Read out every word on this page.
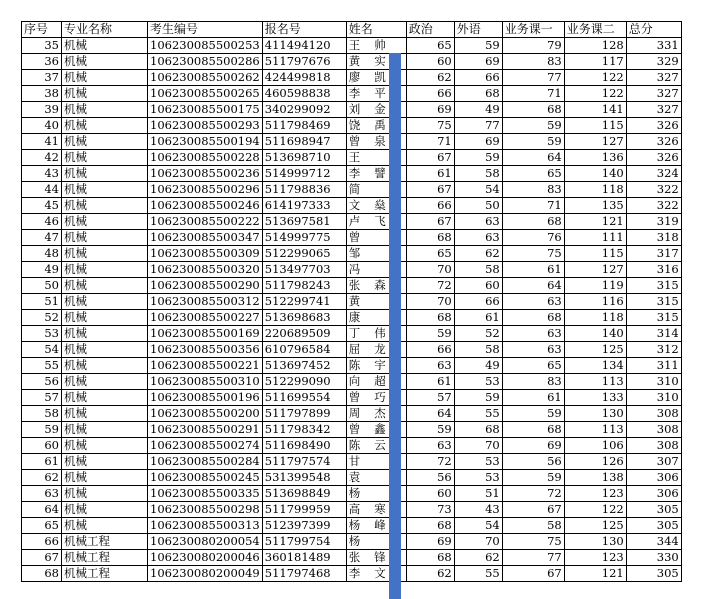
序号	专业名称	考生编号	报名号	姓名	政治	外语	业务课一	业务课二	总分
35	机械	106230085500253	411494120	王 帅	65	59	79	128	331
36	机械	106230085500286	511797676	黄 实	60	69	83	117	329
37	机械	106230085500262	424499818	廖 凯	62	66	77	122	327
38	机械	106230085500265	460598838	李 平	66	68	71	122	327
39	机械	106230085500175	340299092	刘 金	69	49	68	141	327
40	机械	106230085500293	511798469	饶 禹	75	77	59	115	326
41	机械	106230085500194	511698947	曾 泉	71	69	59	127	326
42	机械	106230085500228	513698710	王	67	59	64	136	326
43	机械	106230085500236	514999712	李 譬	61	58	65	140	324
44	机械	106230085500296	511798836	简	67	54	83	118	322
45	机械	106230085500246	614197333	文 燊	66	50	71	135	322
46	机械	106230085500222	513697581	卢 飞	67	63	68	121	319
47	机械	106230085500347	514999775	曾	68	63	76	111	318
48	机械	106230085500309	512299065	邹	65	62	75	115	317
49	机械	106230085500320	513497703	冯	70	58	61	127	316
50	机械	106230085500290	511798243	张 森	72	60	64	119	315
51	机械	106230085500312	512299741	黄	70	66	63	116	315
52	机械	106230085500227	513698683	康	68	61	68	118	315
53	机械	106230085500169	220689509	丁 伟	59	52	63	140	314
54	机械	106230085500356	610796584	屈 龙	66	58	63	125	312
55	机械	106230085500221	513697452	陈 宇	63	49	65	134	311
56	机械	106230085500310	512299090	向 超	61	53	83	113	310
57	机械	106230085500196	511699554	曾 巧	57	59	61	133	310
58	机械	106230085500200	511797899	周 杰	64	55	59	130	308
59	机械	106230085500291	511798342	曾 鑫	59	68	68	113	308
60	机械	106230085500274	511698490	陈 云	63	70	69	106	308
61	机械	106230085500284	511797574	甘	72	53	56	126	307
62	机械	106230085500245	531399548	袁	56	53	59	138	306
63	机械	106230085500335	513698849	杨	60	51	72	123	306
64	机械	106230085500298	511799959	高 寒	73	43	67	122	305
65	机械	106230085500313	512397399	杨 峰	68	54	58	125	305
66	机械工程	106230080200054	511799754	杨	69	70	75	130	344
67	机械工程	106230080200046	360181489	张 锋	68	62	77	123	330
68	机械工程	106230080200049	511797468	李 文	62	55	67	121	305
